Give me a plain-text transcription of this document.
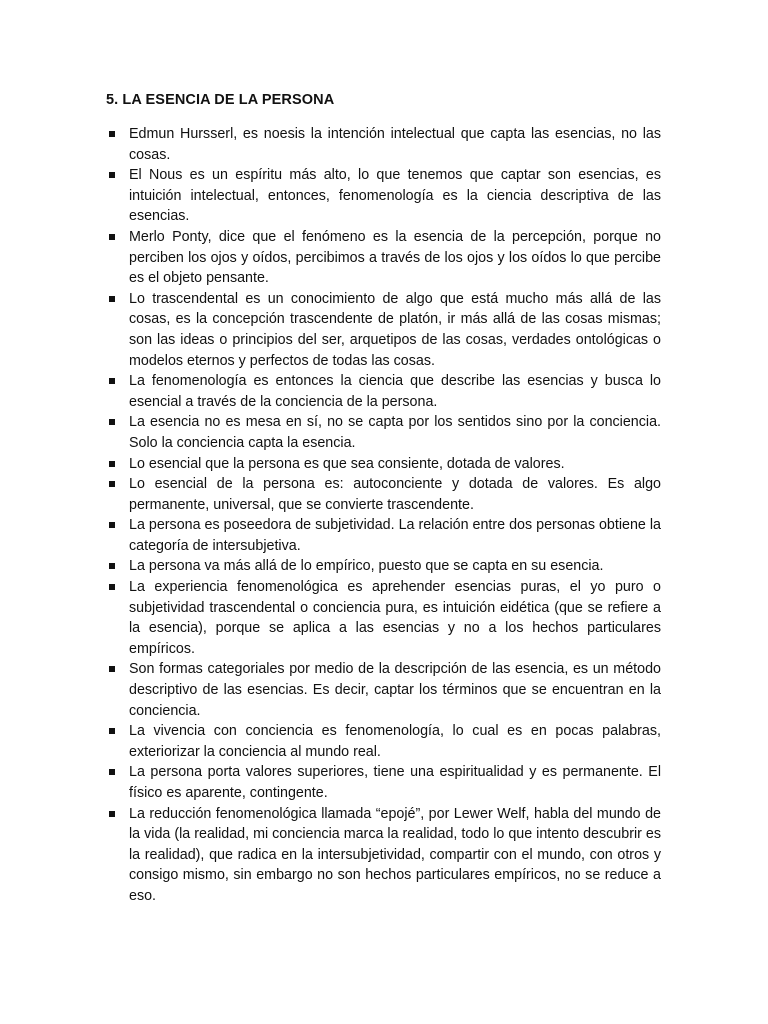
5. LA ESENCIA DE LA PERSONA
Edmun Hursserl, es noesis la intención intelectual que capta las esencias, no las cosas.
El Nous es un espíritu más alto, lo que tenemos que captar son esencias, es intuición intelectual, entonces, fenomenología es la ciencia descriptiva de las esencias.
Merlo Ponty, dice que el fenómeno es la esencia de la percepción, porque no perciben los ojos y oídos, percibimos a través de los ojos y los oídos lo que percibe es el objeto pensante.
Lo trascendental es un conocimiento de algo que está mucho más allá de las cosas, es la concepción trascendente de platón, ir más allá de las cosas mismas; son las ideas o principios del ser, arquetipos de las cosas, verdades ontológicas o modelos eternos y perfectos de todas las cosas.
La fenomenología es entonces la ciencia que describe las esencias y busca lo esencial a través de la conciencia de la persona.
La esencia no es mesa en sí, no se capta por los sentidos sino por la conciencia. Solo la conciencia capta la esencia.
Lo esencial que la persona es que sea consiente, dotada de valores.
Lo esencial de la persona es: autoconciente y dotada de valores. Es algo permanente, universal, que se convierte trascendente.
La persona es poseedora de subjetividad. La relación entre dos personas obtiene la categoría de intersubjetiva.
La persona va más allá de lo empírico, puesto que se capta en su esencia.
La experiencia fenomenológica es aprehender esencias puras, el yo puro o subjetividad trascendental o conciencia pura, es intuición eidética (que se refiere a la esencia), porque se aplica a las esencias y no a los hechos particulares empíricos.
Son formas categoriales por medio de la descripción de las esencia, es un método descriptivo de las esencias. Es decir, captar los términos que se encuentran en la conciencia.
La vivencia con conciencia es fenomenología, lo cual es en pocas palabras, exteriorizar la conciencia al mundo real.
La persona porta valores superiores, tiene una espiritualidad y es permanente. El físico es aparente, contingente.
La reducción fenomenológica llamada “epojé”, por Lewer Welf, habla del mundo de la vida (la realidad, mi conciencia marca la realidad, todo lo que intento descubrir es la realidad), que radica en la intersubjetividad, compartir con el mundo, con otros y consigo mismo, sin embargo no son hechos particulares empíricos, no se reduce a eso.
